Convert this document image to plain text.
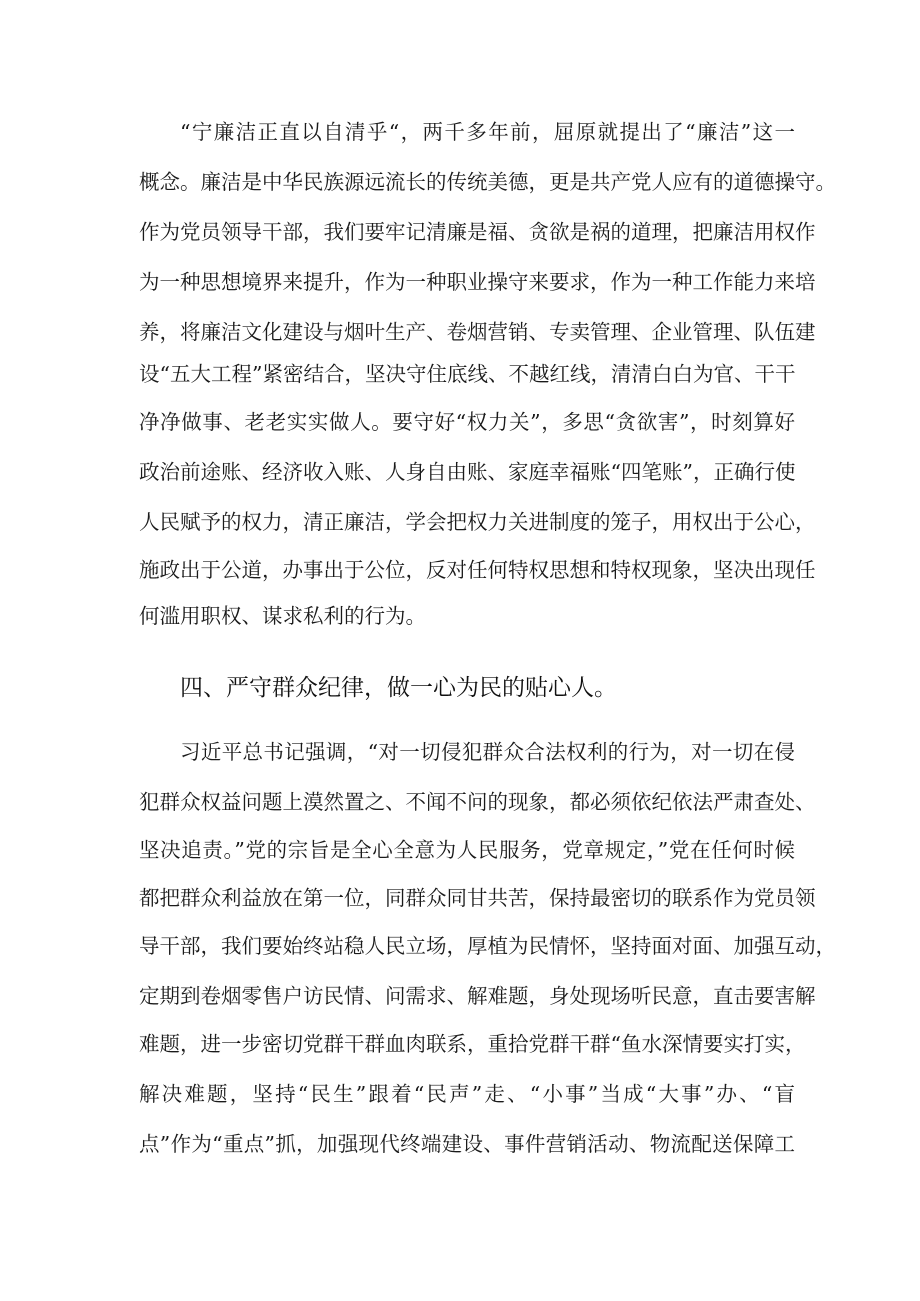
“宁廉洁正直以自清乎“，两千多年前，屈原就提出了“廉洁”这一
概念。廉洁是中华民族源远流长的传统美德，更是共产党人应有的道德操守。
作为党员领导干部，我们要牢记清廉是福、贪欲是祸的道理，把廉洁用权作
为一种思想境界来提升，作为一种职业操守来要求，作为一种工作能力来培
养，将廉洁文化建设与烟叶生产、卷烟营销、专卖管理、企业管理、队伍建
设“五大工程”紧密结合，坚决守住底线、不越红线，清清白白为官、干干
净净做事、老老实实做人。要守好“权力关”，多思“贪欲害”，时刻算好
政治前途账、经济收入账、人身自由账、家庭幸福账“四笔账”，正确行使
人民赋予的权力，清正廉洁，学会把权力关进制度的笼子，用权出于公心，
施政出于公道，办事出于公位，反对任何特权思想和特权现象，坚决出现任
何滥用职权、谋求私利的行为。
四、严守群众纪律，做一心为民的贴心人。
习近平总书记强调，“对一切侵犯群众合法权利的行为，对一切在侵
犯群众权益问题上漠然置之、不闻不问的现象，都必须依纪依法严肃查处、
坚决追责。”党的宗旨是全心全意为人民服务，党章规定，”党在任何时候
都把群众利益放在第一位，同群众同甘共苦，保持最密切的联系作为党员领
导干部，我们要始终站稳人民立场，厚植为民情怀，坚持面对面、加强互动，
定期到卷烟零售户访民情、问需求、解难题，身处现场听民意，直击要害解
难题，进一步密切党群干群血肉联系，重拾党群干群“鱼水深情要实打实，
解决难题，坚持“民生”跟着“民声”走、“小事”当成“大事”办、“盲
点”作为“重点”抓，加强现代终端建设、事件营销活动、物流配送保障工
